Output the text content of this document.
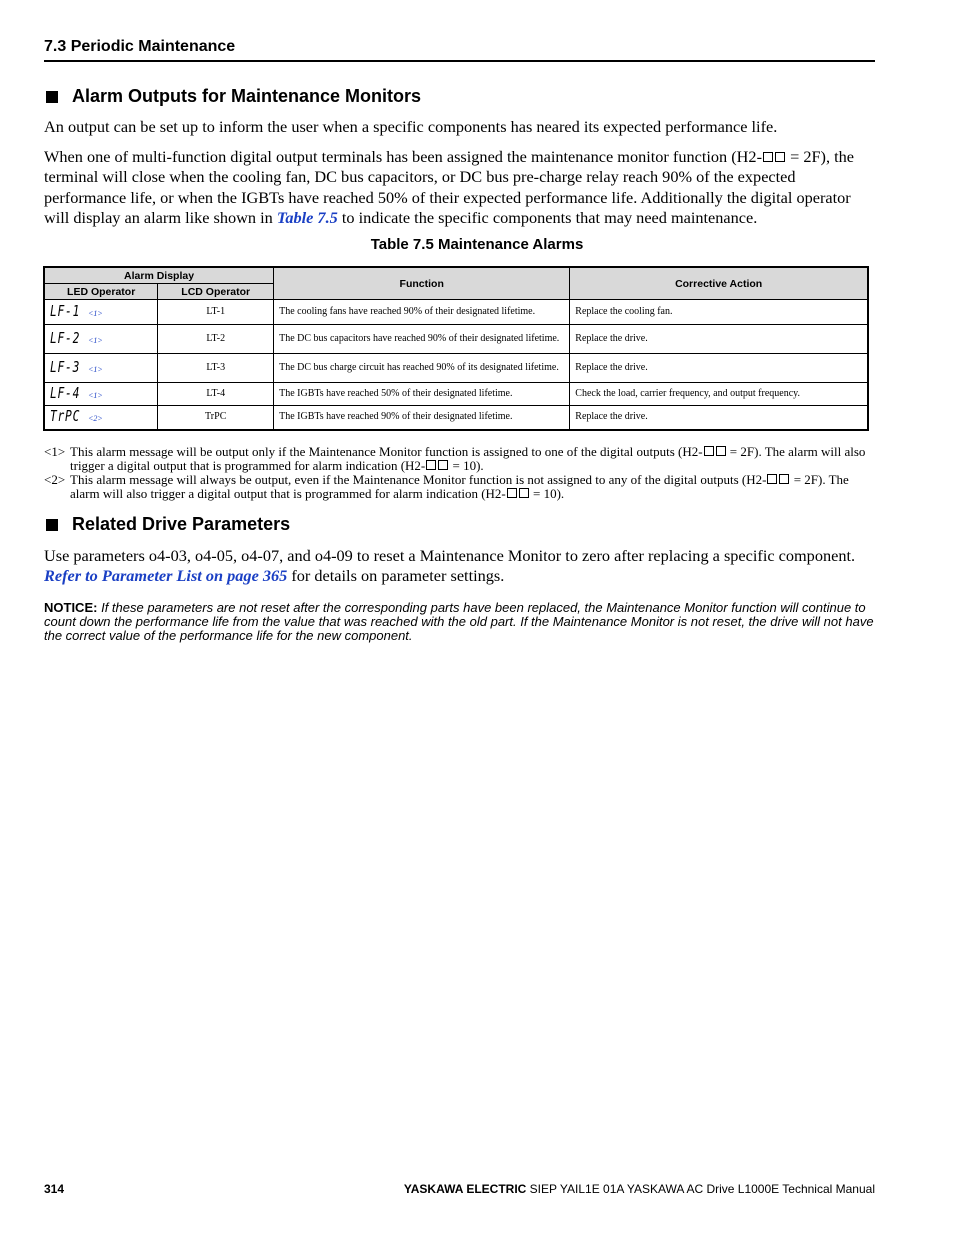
7.3 Periodic Maintenance
Alarm Outputs for Maintenance Monitors
An output can be set up to inform the user when a specific components has neared its expected performance life.
When one of multi-function digital output terminals has been assigned the maintenance monitor function (H2- = 2F), the terminal will close when the cooling fan, DC bus capacitors, or DC bus pre-charge relay reach 90% of the expected performance life, or when the IGBTs have reached 50% of their expected performance life. Additionally the digital operator will display an alarm like shown in Table 7.5 to indicate the specific components that may need maintenance.
Table 7.5 Maintenance Alarms
Alarm Display		Function	Corrective Action
LED Operator	LCD Operator		
LF-1 <1>	LT-1	The cooling fans have reached 90% of their designated lifetime.	Replace the cooling fan.
LF-2 <1>	LT-2	The DC bus capacitors have reached 90% of their designated lifetime.	Replace the drive.
LF-3 <1>	LT-3	The DC bus charge circuit has reached 90% of its designated lifetime.	Replace the drive.
LF-4 <1>	LT-4	The IGBTs have reached 50% of their designated lifetime.	Check the load, carrier frequency, and output frequency.
TrPC <2>	TrPC	The IGBTs have reached 90% of their designated lifetime.	Replace the drive.
<1> This alarm message will be output only if the Maintenance Monitor function is assigned to one of the digital outputs (H2- = 2F). The alarm will also trigger a digital output that is programmed for alarm indication (H2- = 10).
<2> This alarm message will always be output, even if the Maintenance Monitor function is not assigned to any of the digital outputs (H2- = 2F). The alarm will also trigger a digital output that is programmed for alarm indication (H2- = 10).
Related Drive Parameters
Use parameters o4-03, o4-05, o4-07, and o4-09 to reset a Maintenance Monitor to zero after replacing a specific component. Refer to Parameter List on page 365 for details on parameter settings.
NOTICE: If these parameters are not reset after the corresponding parts have been replaced, the Maintenance Monitor function will continue to count down the performance life from the value that was reached with the old part. If the Maintenance Monitor is not reset, the drive will not have the correct value of the performance life for the new component.
314	YASKAWA ELECTRIC SIEP YAIL1E 01A YASKAWA AC Drive L1000E Technical Manual
